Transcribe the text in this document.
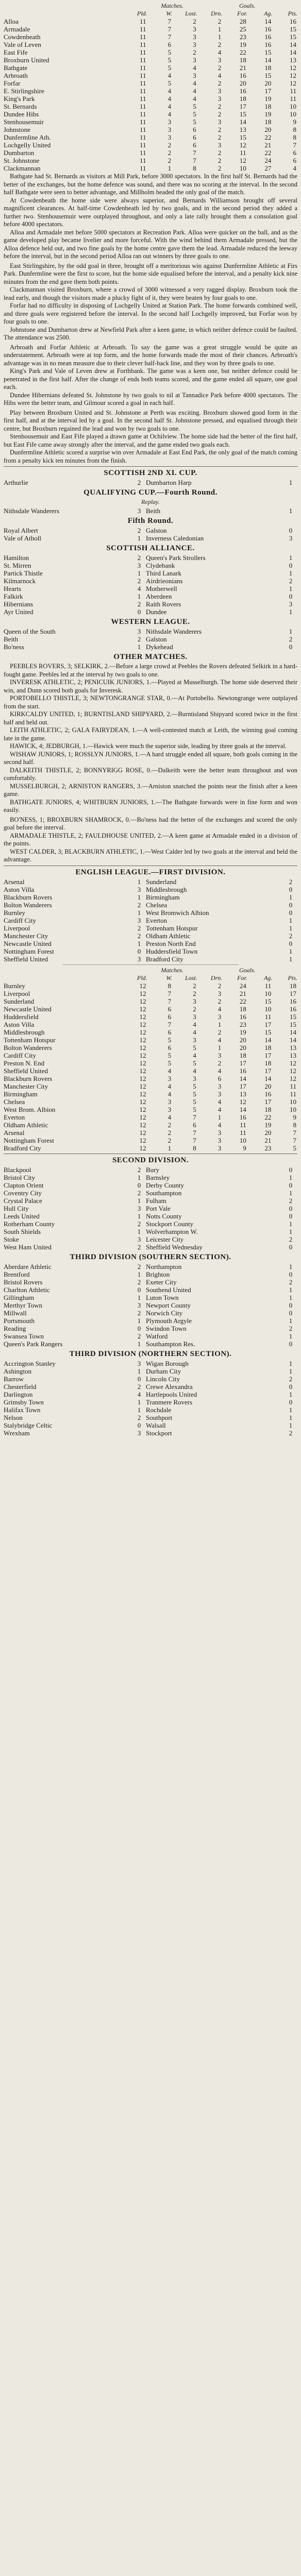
	Matches.				Goals.		
	Pld.	W.	Lost.	Drn.	For.	Ag.	Pts.
Alloa	11	7	2	2	28	14	16
Armadale	11	7	3	1	25	16	15
Cowdenbeath	11	7	3	1	23	16	15
Vale of Leven	11	6	3	2	19	16	14
East Fife	11	5	2	4	22	15	14
Broxburn United	11	5	3	3	18	14	13
Bathgate	11	5	4	2	21	18	12
Arbroath	11	4	3	4	16	15	12
Forfar	11	5	4	2	20	20	12
E. Stirlingshire	11	4	4	3	16	17	11
King's Park	11	4	4	3	18	19	11
St. Bernards	11	4	5	2	17	18	10
Dundee Hibs	11	4	5	2	15	19	10
Stenhousemuir	11	3	5	3	14	18	9
Johnstone	11	3	6	2	13	20	8
Dunfermline Ath.	11	3	6	2	15	22	8
Lochgelly United	11	2	6	3	12	21	7
Dumbarton	11	2	7	2	11	22	6
St. Johnstone	11	2	7	2	12	24	6
Clackmannan	11	1	8	2	10	27	4

Bathgate had St. Bernards as visitors at Mill Park, before 3000 spectators. In the first half St. Bernards had the better of the exchanges, but the home defence was sound, and there was no scoring at the interval. In the second half Bathgate were seen to better advantage, and Millholm headed the only goal of the match.

At Cowdenbeath the home side were always superior, and Bernards Williamson brought off several magnificent clearances. At half-time Cowdenbeath led by two goals, and in the second period they added a further two. Stenhousemuir were outplayed throughout, and only a late rally brought them a consolation goal before 4000 spectators.

Alloa and Armadale met before 5000 spectators at Recreation Park. Alloa were quicker on the ball, and as the game developed play became livelier and more forceful. With the wind behind them Armadale pressed, but the Alloa defence held out, and two fine goals by the home centre gave them the lead. Armadale reduced the leeway before the interval, but in the second period Alloa ran out winners by three goals to one.

East Stirlingshire, by the odd goal in three, brought off a meritorious win against Dunfermline Athletic at Firs Park. Dunfermline were the first to score, but the home side equalised before the interval, and a penalty kick nine minutes from the end gave them both points.

Clackmannan visited Broxburn, where a crowd of 3000 witnessed a very ragged display. Broxburn took the lead early, and though the visitors made a plucky fight of it, they were beaten by four goals to one.

Forfar had no difficulty in disposing of Lochgelly United at Station Park. The home forwards combined well, and three goals were registered before the interval. In the second half Lochgelly improved, but Forfar won by four goals to one.

Johnstone and Dumbarton drew at Newfield Park after a keen game, in which neither defence could be faulted. The attendance was 2500.

Arbroath and Forfar Athletic at Arbroath. To say the game was a great struggle would be quite an understatement. Arbroath were at top form, and the home forwards made the most of their chances. Arbroath's advantage was in no mean measure due to their clever half-back line, and they won by three goals to one.

King's Park and Vale of Leven drew at Forthbank. The game was a keen one, but neither defence could be penetrated in the first half. After the change of ends both teams scored, and the game ended all square, one goal each.

Dundee Hibernians defeated St. Johnstone by two goals to nil at Tannadice Park before 4000 spectators. The Hibs were the better team, and Gilmour scored a goal in each half.

Play between Broxburn United and St. Johnstone at Perth was exciting. Broxburn showed good form in the first half, and at the interval led by a goal. In the second half St. Johnstone pressed, and equalised through their centre, but Broxburn regained the lead and won by two goals to one.

Stenhousemuir and East Fife played a drawn game at Ochilview. The home side had the better of the first half, but East Fife came away strongly after the interval, and the game ended two goals each.

Dunfermline Athletic scored a surprise win over Armadale at East End Park, the only goal of the match coming from a penalty kick ten minutes from the finish.

SCOTTISH 2ND XI. CUP.
Arthurlie	2	Dumbarton Harp	1
QUALIFYING CUP.—Fourth Round.
Replay.
Nithsdale Wanderers	3	Beith	1
Fifth Round.
Royal Albert	2	Galston	0
Vale of Atholl	1	Inverness Caledonian	3
SCOTTISH ALLIANCE.
Hamilton	2	Queen's Park Strollers	1
St. Mirren	3	Clydebank	0
Partick Thistle	1	Third Lanark	1
Kilmarnock	2	Airdrieonians	2
Hearts	4	Motherwell	1
Falkirk	1	Aberdeen	0
Hibernians	2	Raith Rovers	3
Ayr United	0	Dundee	1
WESTERN LEAGUE.
Queen of the South	3	Nithsdale Wanderers	1
Beith	2	Galston	2
Bo'ness	1	Dykehead	0
OTHER MATCHES.

PEEBLES ROVERS, 3; SELKIRK, 2.—Before a large crowd at Peebles the Rovers defeated Selkirk in a hard-fought game. Peebles led at the interval by two goals to one.

INVERESK ATHLETIC, 2; PENICUIK JUNIORS, 1.—Played at Musselburgh. The home side deserved their win, and Dunn scored both goals for Inveresk.

PORTOBELLO THISTLE, 3; NEWTONGRANGE STAR, 0.—At Portobello. Newtongrange were outplayed from the start.

KIRKCALDY UNITED, 1; BURNTISLAND SHIPYARD, 2.—Burntisland Shipyard scored twice in the first half and held out.

LEITH ATHLETIC, 2; GALA FAIRYDEAN, 1.—A well-contested match at Leith, the winning goal coming late in the game.

HAWICK, 4; JEDBURGH, 1.—Hawick were much the superior side, leading by three goals at the interval.

WISHAW JUNIORS, 1; ROSSLYN JUNIORS, 1.—A hard struggle ended all square, both goals coming in the second half.

DALKEITH THISTLE, 2; BONNYRIGG ROSE, 0.—Dalkeith were the better team throughout and won comfortably.

MUSSELBURGH, 2; ARNISTON RANGERS, 3.—Arniston snatched the points near the finish after a keen game.

BATHGATE JUNIORS, 4; WHITBURN JUNIORS, 1.—The Bathgate forwards were in fine form and won easily.

BO'NESS, 1; BROXBURN SHAMROCK, 0.—Bo'ness had the better of the exchanges and scored the only goal before the interval.

ARMADALE THISTLE, 2; FAULDHOUSE UNITED, 2.—A keen game at Armadale ended in a division of the points.

WEST CALDER, 3; BLACKBURN ATHLETIC, 1.—West Calder led by two goals at the interval and held the advantage.

ENGLISH LEAGUE.—FIRST DIVISION.
Arsenal	1	Sunderland	2
Aston Villa	3	Middlesbrough	0
Blackburn Rovers	1	Birmingham	1
Bolton Wanderers	2	Chelsea	0
Burnley	1	West Bromwich Albion	0
Cardiff City	3	Everton	1
Liverpool	2	Tottenham Hotspur	1
Manchester City	2	Oldham Athletic	2
Newcastle United	1	Preston North End	0
Nottingham Forest	0	Huddersfield Town	1
Sheffield United	3	Bradford City	1
	Matches.				Goals.		
	Pld.	W.	Lost.	Drn.	For.	Ag.	Pts.
Burnley	12	8	2	2	24	11	18
Liverpool	12	7	2	3	21	10	17
Sunderland	12	7	3	2	22	15	16
Newcastle United	12	6	2	4	18	10	16
Huddersfield	12	6	3	3	16	11	15
Aston Villa	12	7	4	1	23	17	15
Middlesbrough	12	6	4	2	19	15	14
Tottenham Hotspur	12	5	3	4	20	14	14
Bolton Wanderers	12	6	5	1	20	18	13
Cardiff City	12	5	4	3	18	17	13
Preston N. End	12	5	5	2	17	18	12
Sheffield United	12	4	4	4	16	17	12
Blackburn Rovers	12	3	3	6	14	14	12
Manchester City	12	4	5	3	17	20	11
Birmingham	12	4	5	3	13	16	11
Chelsea	12	3	5	4	12	17	10
West Brom. Albion	12	3	5	4	14	18	10
Everton	12	4	7	1	16	22	9
Oldham Athletic	12	2	6	4	11	19	8
Arsenal	12	2	7	3	11	20	7
Nottingham Forest	12	2	7	3	10	21	7
Bradford City	12	1	8	3	9	23	5
SECOND DIVISION.
Blackpool	2	Bury	0
Bristol City	1	Barnsley	1
Clapton Orient	0	Derby County	0
Coventry City	2	Southampton	1
Crystal Palace	1	Fulham	2
Hull City	3	Port Vale	0
Leeds United	1	Notts County	0
Rotherham County	2	Stockport County	1
South Shields	1	Wolverhampton W.	1
Stoke	3	Leicester City	2
West Ham United	2	Sheffield Wednesday	0
THIRD DIVISION (SOUTHERN SECTION).
Aberdare Athletic	2	Northampton	1
Brentford	1	Brighton	0
Bristol Rovers	2	Exeter City	2
Charlton Athletic	0	Southend United	1
Gillingham	1	Luton Town	1
Merthyr Town	3	Newport County	0
Millwall	2	Norwich City	0
Portsmouth	1	Plymouth Argyle	1
Reading	0	Swindon Town	2
Swansea Town	2	Watford	1
Queen's Park Rangers	1	Southampton Res.	0
THIRD DIVISION (NORTHERN SECTION).
Accrington Stanley	3	Wigan Borough	1
Ashington	1	Durham City	1
Barrow	0	Lincoln City	2
Chesterfield	2	Crewe Alexandra	0
Darlington	4	Hartlepools United	1
Grimsby Town	1	Tranmere Rovers	0
Halifax Town	1	Rochdale	1
Nelson	2	Southport	1
Stalybridge Celtic	0	Walsall	1
Wrexham	3	Stockport	2
